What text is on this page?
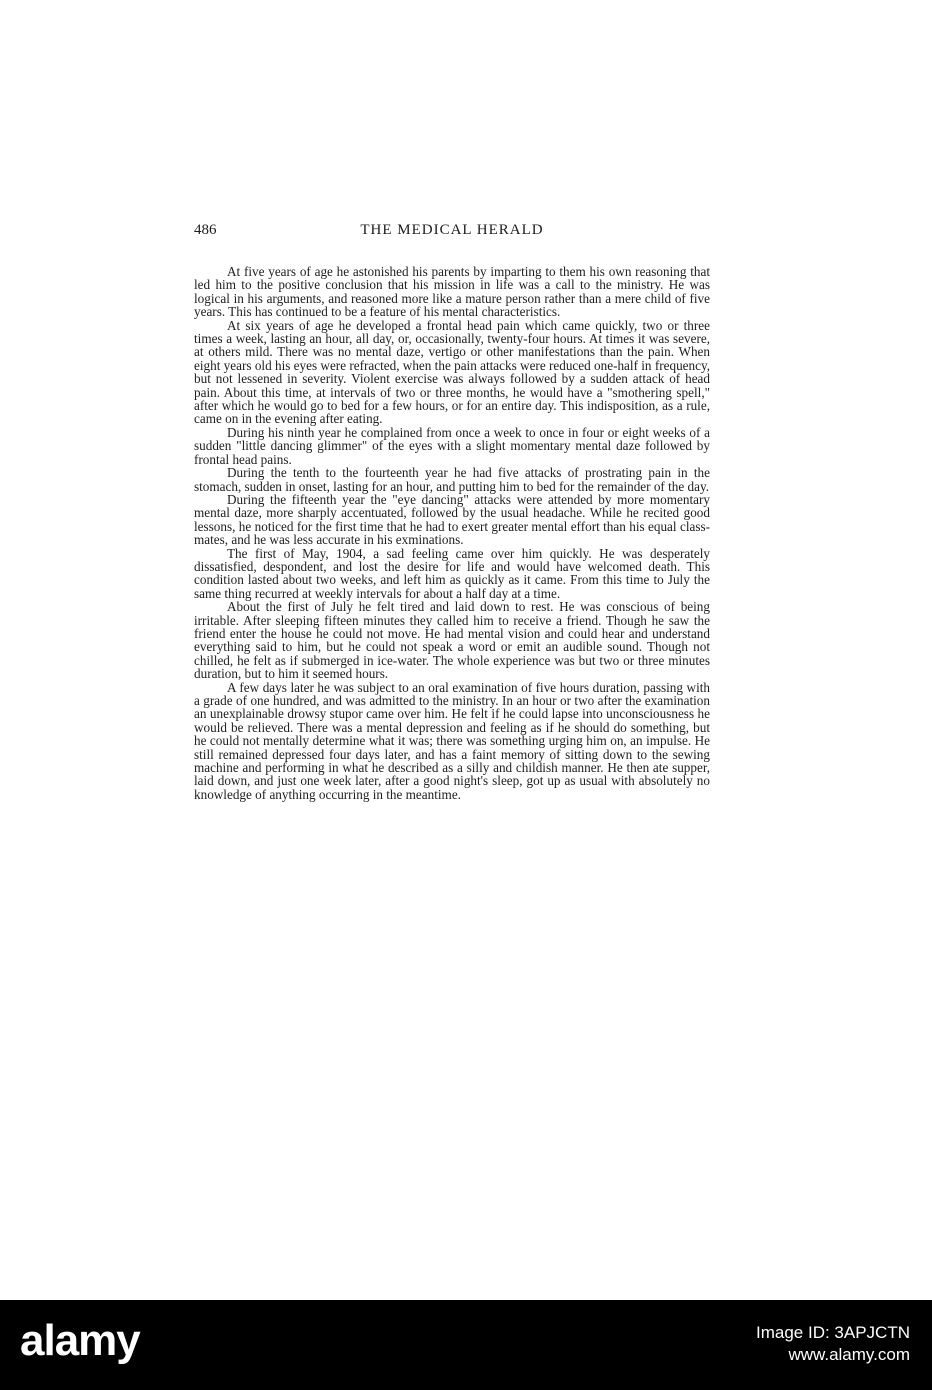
486	THE MEDICAL HERALD

At five years of age he astonished his parents by imparting to them his own reasoning that led him to the positive conclusion that his mission in life was a call to the ministry. He was logical in his arguments, and reasoned more like a mature person rather than a mere child of five years. This has continued to be a feature of his mental characteristics.

At six years of age he developed a frontal head pain which came quickly, two or three times a week, lasting an hour, all day, or, occasionally, twenty-four hours. At times it was severe, at others mild. There was no mental daze, vertigo or other manifestations than the pain. When eight years old his eyes were refracted, when the pain attacks were reduced one-half in frequency, but not lessened in severity. Violent exercise was always followed by a sudden attack of head pain. About this time, at intervals of two or three months, he would have a "smothering spell," after which he would go to bed for a few hours, or for an entire day. This indisposition, as a rule, came on in the evening after eating.

During his ninth year he complained from once a week to once in four or eight weeks of a sudden "little dancing glimmer" of the eyes with a slight momentary mental daze followed by frontal head pains.

During the tenth to the fourteenth year he had five attacks of prostrating pain in the stomach, sudden in onset, lasting for an hour, and putting him to bed for the remainder of the day.

During the fifteenth year the "eye dancing" attacks were attended by more momentary mental daze, more sharply accentuated, followed by the usual headache. While he recited good lessons, he noticed for the first time that he had to exert greater mental effort than his equal class-mates, and he was less accurate in his exminations.

The first of May, 1904, a sad feeling came over him quickly. He was desperately dissatisfied, despondent, and lost the desire for life and would have welcomed death. This condition lasted about two weeks, and left him as quickly as it came. From this time to July the same thing recurred at weekly intervals for about a half day at a time.

About the first of July he felt tired and laid down to rest. He was conscious of being irritable. After sleeping fifteen minutes they called him to receive a friend. Though he saw the friend enter the house he could not move. He had mental vision and could hear and understand everything said to him, but he could not speak a word or emit an audible sound. Though not chilled, he felt as if submerged in ice-water. The whole experience was but two or three minutes duration, but to him it seemed hours.

A few days later he was subject to an oral examination of five hours duration, passing with a grade of one hundred, and was admitted to the ministry. In an hour or two after the examination an unexplainable drowsy stupor came over him. He felt if he could lapse into unconsciousness he would be relieved. There was a mental depression and feeling as if he should do something, but he could not mentally determine what it was; there was something urging him on, an impulse. He still remained depressed four days later, and has a faint memory of sitting down to the sewing machine and performing in what he described as a silly and childish manner. He then ate supper, laid down, and just one week later, after a good night's sleep, got up as usual with absolutely no knowledge of anything occurring in the meantime.

alamy	Image ID: 3APJCTN
www.alamy.com
